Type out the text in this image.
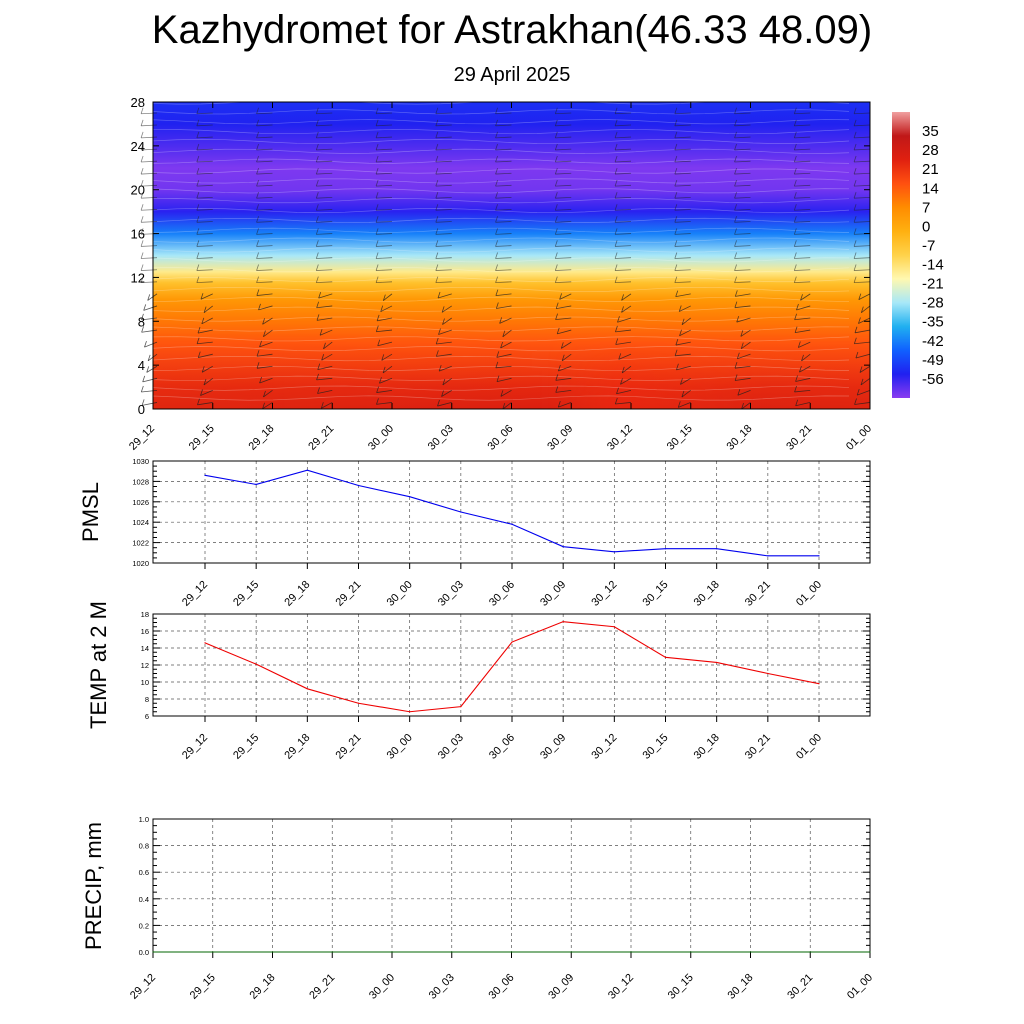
Kazhydromet for Astrakhan(46.33 48.09)
29 April 2025
0
4
8
12
16
20
24
28
29_12	29_15	29_18	29_21	30_00	30_03	30_06	30_09	30_12	30_15	30_18	30_21	01_00
35
28
21
14
7
0
-7
-14
-21
-28
-35
-42
-49
-56
1020
1022
1024
1026
1028
1030
29_12 29_15 29_18 29_21 30_00 30_03 30_06 30_09 30_12 30_15 30_18 30_21 01_00
PMSL
6
8
10
12
14
16
18
29_12 29_15 29_18 29_21 30_00 30_03 30_06 30_09 30_12 30_15 30_18 30_21 01_00
TEMP at 2 M
0.0
0.2
0.4
0.6
0.8
1.0
29_12	29_15	29_18	29_21	30_00	30_03	30_06	30_09	30_12	30_15	30_18	30_21	01_00
PRECIP, mm
